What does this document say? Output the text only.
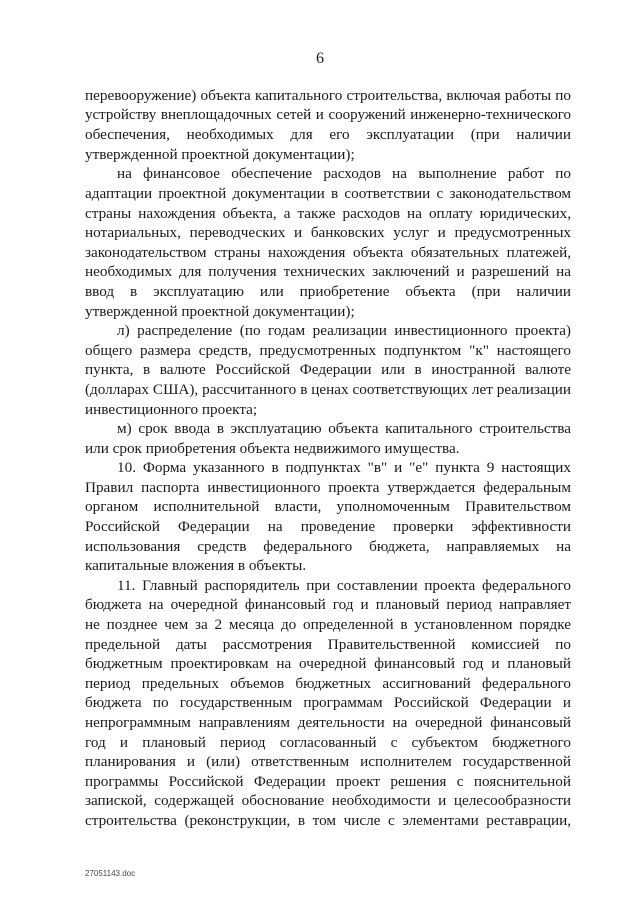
6
перевооружение) объекта капитального строительства, включая работы по
устройству внеплощадочных сетей и сооружений инженерно-технического
обеспечения, необходимых для его эксплуатации (при наличии
утвержденной проектной документации);
на финансовое обеспечение расходов на выполнение работ по
адаптации проектной документации в соответствии с законодательством
страны нахождения объекта, а также расходов на оплату юридических,
нотариальных, переводческих и банковских услуг и предусмотренных
законодательством страны нахождения объекта обязательных платежей,
необходимых для получения технических заключений и разрешений на
ввод в эксплуатацию или приобретение объекта (при наличии
утвержденной проектной документации);
л) распределение (по годам реализации инвестиционного проекта)
общего размера средств, предусмотренных подпунктом "к" настоящего
пункта, в валюте Российской Федерации или в иностранной валюте
(долларах США), рассчитанного в ценах соответствующих лет реализации
инвестиционного проекта;
м) срок ввода в эксплуатацию объекта капитального строительства
или срок приобретения объекта недвижимого имущества.
10. Форма указанного в подпунктах "в" и "е" пункта 9 настоящих
Правил паспорта инвестиционного проекта утверждается федеральным
органом исполнительной власти, уполномоченным Правительством
Российской Федерации на проведение проверки эффективности
использования средств федерального бюджета, направляемых на
капитальные вложения в объекты.
11. Главный распорядитель при составлении проекта федерального
бюджета на очередной финансовый год и плановый период направляет
не позднее чем за 2 месяца до определенной в установленном порядке
предельной даты рассмотрения Правительственной комиссией по
бюджетным проектировкам на очередной финансовый год и плановый
период предельных объемов бюджетных ассигнований федерального
бюджета по государственным программам Российской Федерации и
непрограммным направлениям деятельности на очередной финансовый
год и плановый период согласованный с субъектом бюджетного
планирования и (или) ответственным исполнителем государственной
программы Российской Федерации проект решения с пояснительной
запиской, содержащей обоснование необходимости и целесообразности
строительства (реконструкции, в том числе с элементами реставрации,
27051143.doc
